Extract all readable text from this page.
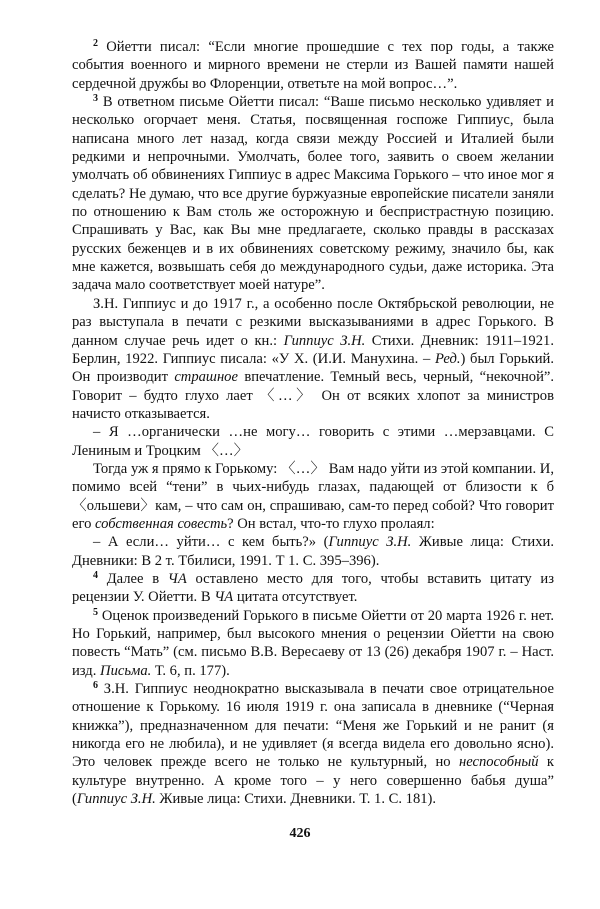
$^2$ Ойетти писал: “Если многие прошедшие с тех пор годы, а также события военного и мирного времени не стерли из Вашей памяти нашей сердечной дружбы во Флоренции, ответьте на мой вопрос…”.

$^3$ В ответном письме Ойетти писал: “Ваше письмо несколько удивляет и несколько огорчает меня. Статья, посвященная госпоже Гиппиус, была написана много лет назад, когда связи между Россией и Италией были редкими и непрочными. Умолчать, более того, заявить о своем желании умолчать об обвинениях Гиппиус в адрес Максима Горького – что иное мог я сделать? Не думаю, что все другие буржуазные европейские писатели заняли по отношению к Вам столь же осторожную и беспристрастную позицию. Спрашивать у Вас, как Вы мне предлагаете, сколько правды в рассказах русских беженцев и в их обвинениях советскому режиму, значило бы, как мне кажется, возвышать себя до международного судьи, даже историка. Эта задача мало соответствует моей натуре”.

З.Н. Гиппиус и до 1917 г., а особенно после Октябрьской революции, не раз выступала в печати с резкими высказываниями в адрес Горького. В данном случае речь идет о кн.: Гиппиус З.Н. Стихи. Дневник: 1911–1921. Берлин, 1922. Гиппиус писала: «У Х. (И.И. Манухина. – Ред.) был Горький. Он производит страшное впечатление. Темный весь, черный, “некочной”. Говорит – будто глухо лает 〈…〉 Он от всяких хлопот за министров начисто отказывается.

– Я …органически …не могу… говорить с этими …мерзавцами. С Лениным и Троцким 〈…〉

Тогда уж я прямо к Горькому: 〈…〉 Вам надо уйти из этой компании. И, помимо всей “тени” в чьих-нибудь глазах, падающей от близости к б〈ольшеви〉кам, – что сам он, спрашиваю, сам-то перед собой? Что говорит его собственная совесть? Он встал, что-то глухо пролаял:

– А если… уйти… с кем быть?» (Гиппиус З.Н. Живые лица: Стихи. Дневники: В 2 т. Тбилиси, 1991. Т 1. С. 395–396).

$^4$ Далее в ЧА оставлено место для того, чтобы вставить цитату из рецензии У. Ойетти. В ЧА цитата отсутствует.

$^5$ Оценок произведений Горького в письме Ойетти от 20 марта 1926 г. нет. Но Горький, например, был высокого мнения о рецензии Ойетти на свою повесть “Мать” (см. письмо В.В. Вересаеву от 13 (26) декабря 1907 г. – Наст. изд. Письма. Т. 6, п. 177).

$^6$ З.Н. Гиппиус неоднократно высказывала в печати свое отрицательное отношение к Горькому. 16 июля 1919 г. она записала в дневнике (“Черная книжка”), предназначенном для печати: “Меня же Горький и не ранит (я никогда его не любила), и не удивляет (я всегда видела его довольно ясно). Это человек прежде всего не только не культурный, но неспособный к культуре внутренно. А кроме того – у него совершенно бабья душа” (Гиппиус З.Н. Живые лица: Стихи. Дневники. Т. 1. С. 181).

426
